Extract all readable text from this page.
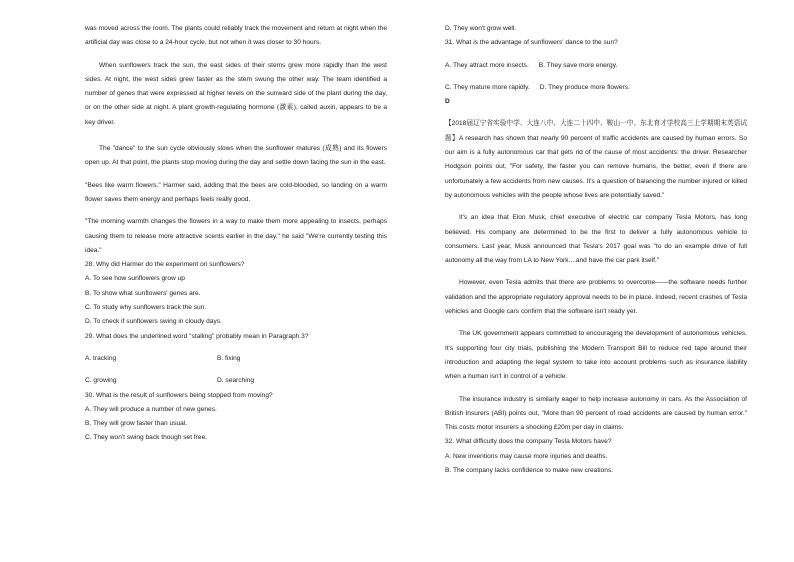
was moved across the room. The plants could reliably track the movement and return at night when the artificial day was close to a 24-hour cycle, but not when it was closer to 30 hours.

When sunflowers track the sun, the east sides of their stems grew more rapidly than the west sides. At night, the west sides grew faster as the stem swung the other way. The team identified a number of genes that were expressed at higher levels on the sunward side of the plant during the day, or on the other side at night. A plant growth-regulating hormone (激素), called auxin, appears to be a key driver.

The "dance" to the sun cycle obviously slows when the sunflower matures (成熟) and its flowers open up. At that point, the plants stop moving during the day and settle down facing the sun in the east.

"Bees like warm flowers." Harmer said, adding that the bees are cold-blooded, so landing on a warm flower saves them energy and perhaps feels really good.

"The morning warmth changes the flowers in a way to make them more appealing to insects, perhaps causing them to release more attractive scents earlier in the day." he said "We're currently testing this idea."

28. Why did Harmer do the experiment on sunflowers?

A. To see how sunflowers grow up

B. To show what sunflowers' genes are.

C. To study why sunflowers track the sun.

D. To check if sunflowers swing in cloudy days.

29. What does the underlined word "stalling" probably mean in Paragraph 3?

A. tracking	B. fixing
C. growing	D. searching

30. What is the result of sunflowers being stopped from moving?

A. They will produce a number of new genes.

B. They will grow faster than usual.

C. They won't swing back though set free.

D. They won't grow well.

31. What is the advantage of sunflowers' dance to the sun?

A. They attract more insects.	B. They save more energy.
C. They mature more rapidly.	D. They produce more flowers.

D

【2018届辽宁省实验中学、大连八中、大连二十四中、鞍山一中、东北育才学校高三上学期期末英语试题】A research has shown that nearly 90 percent of traffic accidents are caused by human errors. So our aim is a fully autonomous car that gets rid of the cause of most accidents: the driver. Researcher Hodgson points out, "For safety, the faster you can remove humans, the better, even if there are unfortunately a few accidents from new causes. It's a question of balancing the number injured or killed by autonomous vehicles with the people whose lives are potentially saved."

It's an idea that Elon Musk, chief executive of electric car company Tesla Motors, has long believed. His company are determined to be the first to deliver a fully autonomous vehicle to consumers. Last year, Musk announced that Tesla's 2017 goal was "to do an example drive of full autonomy all the way from LA to New York....and have the car park itself."

However, even Tesla admits that there are problems to overcome——the software needs further validation and the appropriate regulatory approval needs to be in place. Indeed, recent crashes of Tesla vehicles and Google cars confirm that the software isn't ready yet.

The UK government appears committed to encouraging the development of autonomous vehicles. It's supporting four city trials, publishing the Modern Transport Bill to reduce red tape around their introduction and adapting the legal system to take into account problems such as insurance liability when a human isn't in control of a vehicle.

The insurance industry is similarly eager to help increase autonomy in cars. As the Association of British Insurers (ABI) points out, "More than 90 percent of road accidents are caused by human error." This costs motor insurers a shocking £20m per day in claims.

32. What difficulty does the company Tesla Motors have?

A. New inventions may cause more injuries and deaths.

B. The company lacks confidence to make new creations.
